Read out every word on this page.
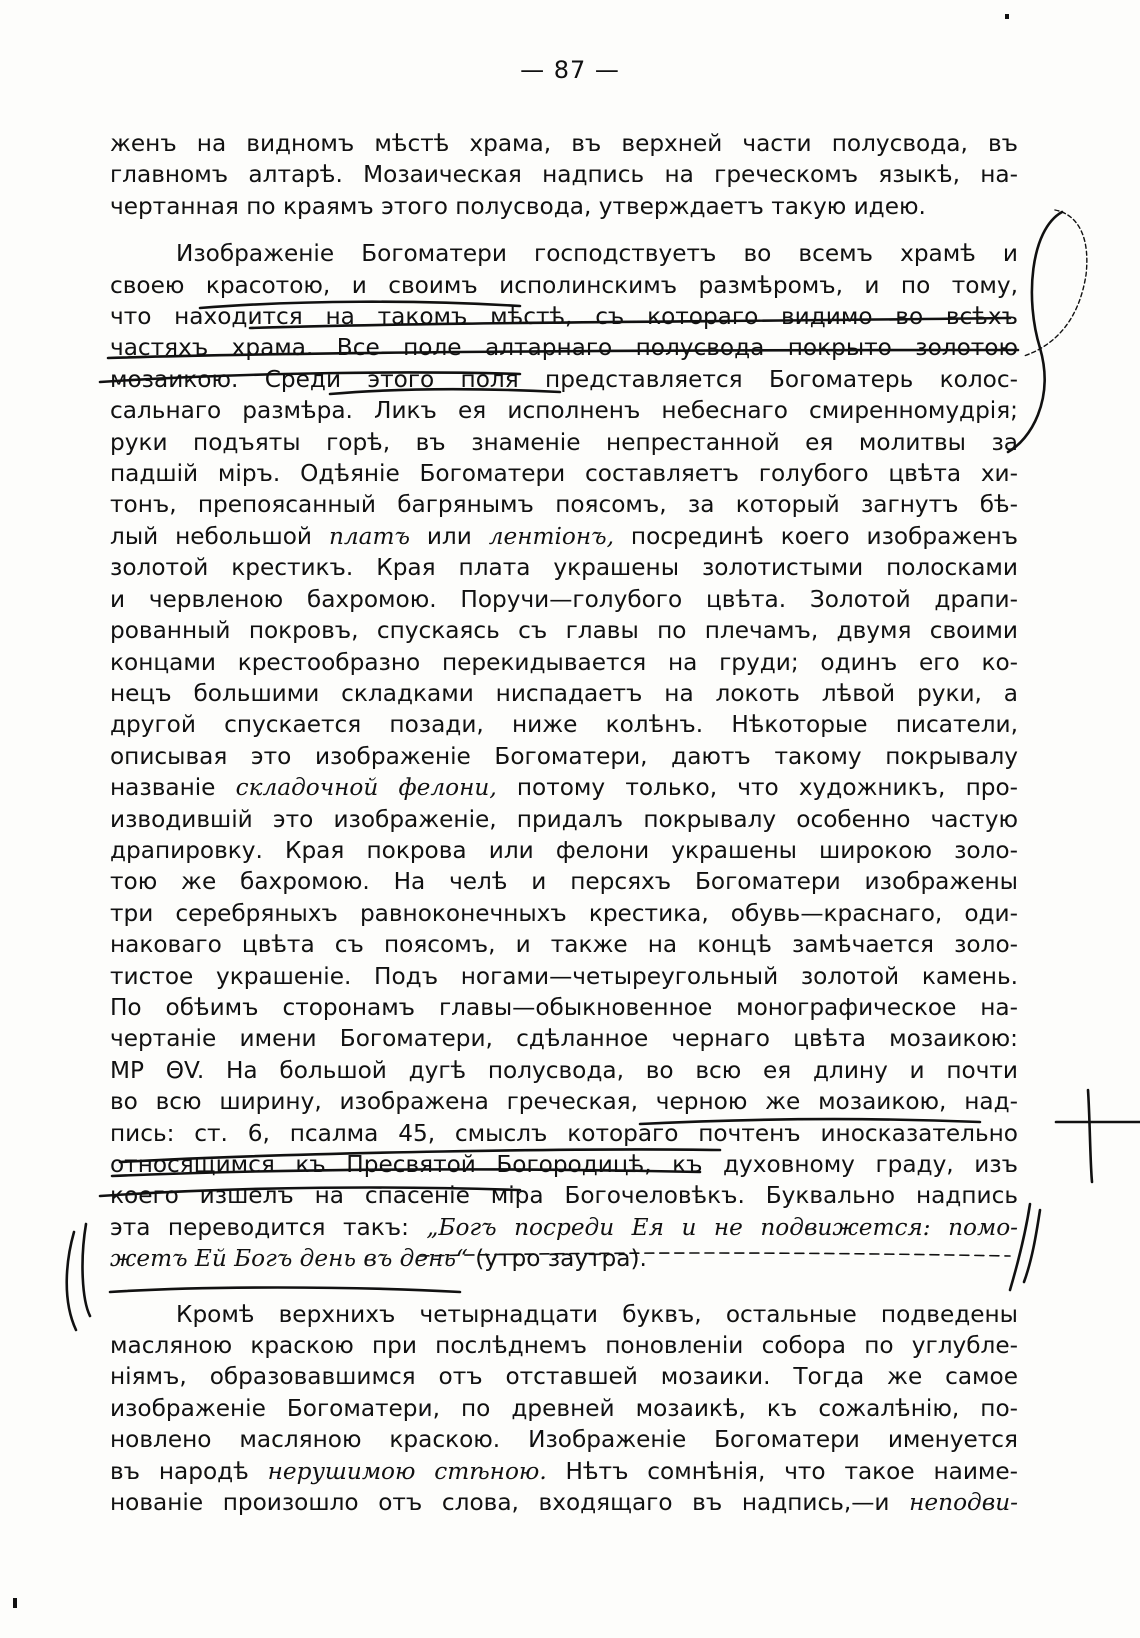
— 87 —

женъ на видномъ мѣстѣ храма, въ верхней части полусвода, въ
главномъ алтарѣ. Мозаическая надпись на греческомъ языкѣ, на-
чертанная по краямъ этого полусвода, утверждаетъ такую идею.

Изображеніе Богоматери господствуетъ во всемъ храмѣ и
своею красотою, и своимъ исполинскимъ размѣромъ, и по тому,
что находится на такомъ мѣстѣ, съ котораго видимо во всѣхъ
частяхъ храма. Все поле алтарнаго полусвода покрыто золотою
мозаикою. Среди этого поля представляется Богоматерь колос-
сальнаго размѣра. Ликъ ея исполненъ небеснаго смиренномудрія;
руки подъяты горѣ, въ знаменіе непрестанной ея молитвы за
падшій міръ. Одѣяніе Богоматери составляетъ голубого цвѣта хи-
тонъ, препоясанный багрянымъ поясомъ, за который загнутъ бѣ-
лый небольшой платъ или лентіонъ, посрединѣ коего изображенъ
золотой крестикъ. Края плата украшены золотистыми полосками
и червленою бахромою. Поручи—голубого цвѣта. Золотой драпи-
рованный покровъ, спускаясь съ главы по плечамъ, двумя своими
концами крестообразно перекидывается на груди; одинъ его ко-
нецъ большими складками ниспадаетъ на локоть лѣвой руки, а
другой спускается позади, ниже колѣнъ. Нѣкоторые писатели,
описывая это изображеніе Богоматери, даютъ такому покрывалу
названіе складочной фелони, потому только, что художникъ, про-
изводившій это изображеніе, придалъ покрывалу особенно частую
драпировку. Края покрова или фелони украшены широкою золо-
тою же бахромою. На челѣ и персяхъ Богоматери изображены
три серебряныхъ равноконечныхъ крестика, обувь—краснаго, оди-
наковаго цвѣта съ поясомъ, и также на концѣ замѣчается золо-
тистое украшеніе. Подъ ногами—четыреугольный золотой камень.
По обѣимъ сторонамъ главы—обыкновенное монографическое на-
чертаніе имени Богоматери, сдѣланное чернаго цвѣта мозаикою:
МР ΘV. На большой дугѣ полусвода, во всю ея длину и почти
во всю ширину, изображена греческая, черною же мозаикою, над-
пись: ст. 6, псалма 45, смыслъ котораго почтенъ иносказательно
относящимся къ Пресвятой Богородицѣ, къ духовному граду, изъ
коего изшелъ на спасеніе міра Богочеловѣкъ. Буквально надпись
эта переводится такъ: „Богъ посреди Ея и не подвижется: помо-
жетъ Ей Богъ день въ день“ (утро заутра).

Кромѣ верхнихъ четырнадцати буквъ, остальные подведены
масляною краскою при послѣднемъ поновленіи собора по углубле-
ніямъ, образовавшимся отъ отставшей мозаики. Тогда же самое
изображеніе Богоматери, по древней мозаикѣ, къ сожалѣнію, по-
новлено масляною краскою. Изображеніе Богоматери именуется
въ народѣ нерушимою стѣною. Нѣтъ сомнѣнія, что такое наиме-
нованіе произошло отъ слова, входящаго въ надпись,—и неподви-
